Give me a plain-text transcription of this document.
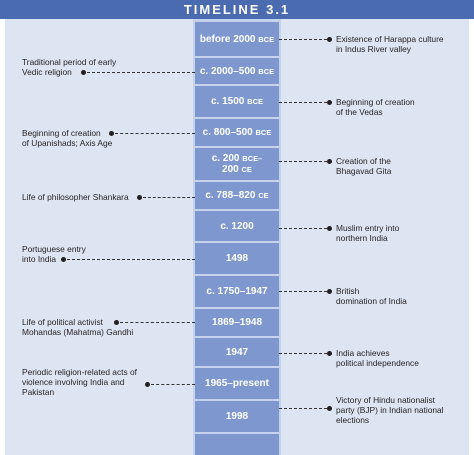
TIMELINE 3.1
before 2000 BCE
c. 2000–500 BCE
c. 1500 BCE
c. 800–500 BCE
c. 200 BCE–
200 CE
c. 788–820 CE
c. 1200
1498
c. 1750–1947
1869–1948
1947
1965–present
1998
Traditional period of early
Vedic religion
Beginning of creation
of Upanishads; Axis Age
Life of philosopher Shankara
Portuguese entry
into India
Life of political activist
Mohandas (Mahatma) Gandhi
Periodic religion-related acts of
violence involving India and
Pakistan
Existence of Harappa culture
in Indus River valley
Beginning of creation
of the Vedas
Creation of the
Bhagavad Gita
Muslim entry into
northern India
British
domination of India
India achieves
political independence
Victory of Hindu nationalist
party (BJP) in Indian national
elections
